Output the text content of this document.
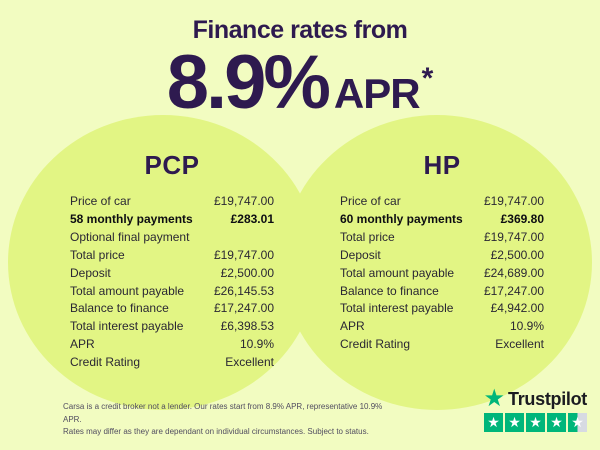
Finance rates from
8.9% APR *
PCP
Price of car	£19,747.00
58 monthly payments	£283.01
Optional final payment
Total price	£19,747.00
Deposit	£2,500.00
Total amount payable £26,145.53
Balance to finance	£17,247.00
Total interest payable	£6,398.53
APR	10.9%
Credit Rating	Excellent
HP
Price of car	£19,747.00
60 monthly payments	£369.80
Total price	£19,747.00
Deposit	£2,500.00
Total amount payable £24,689.00
Balance to finance	£17,247.00
Total interest payable	£4,942.00
APR	10.9%
Credit Rating	Excellent
Carsa is a credit broker not a lender. Our rates start from 8.9% APR, representative 10.9% APR.
Rates may differ as they are dependant on individual circumstances. Subject to status.
★ Trustpilot
★ ★ ★ ★ ★
